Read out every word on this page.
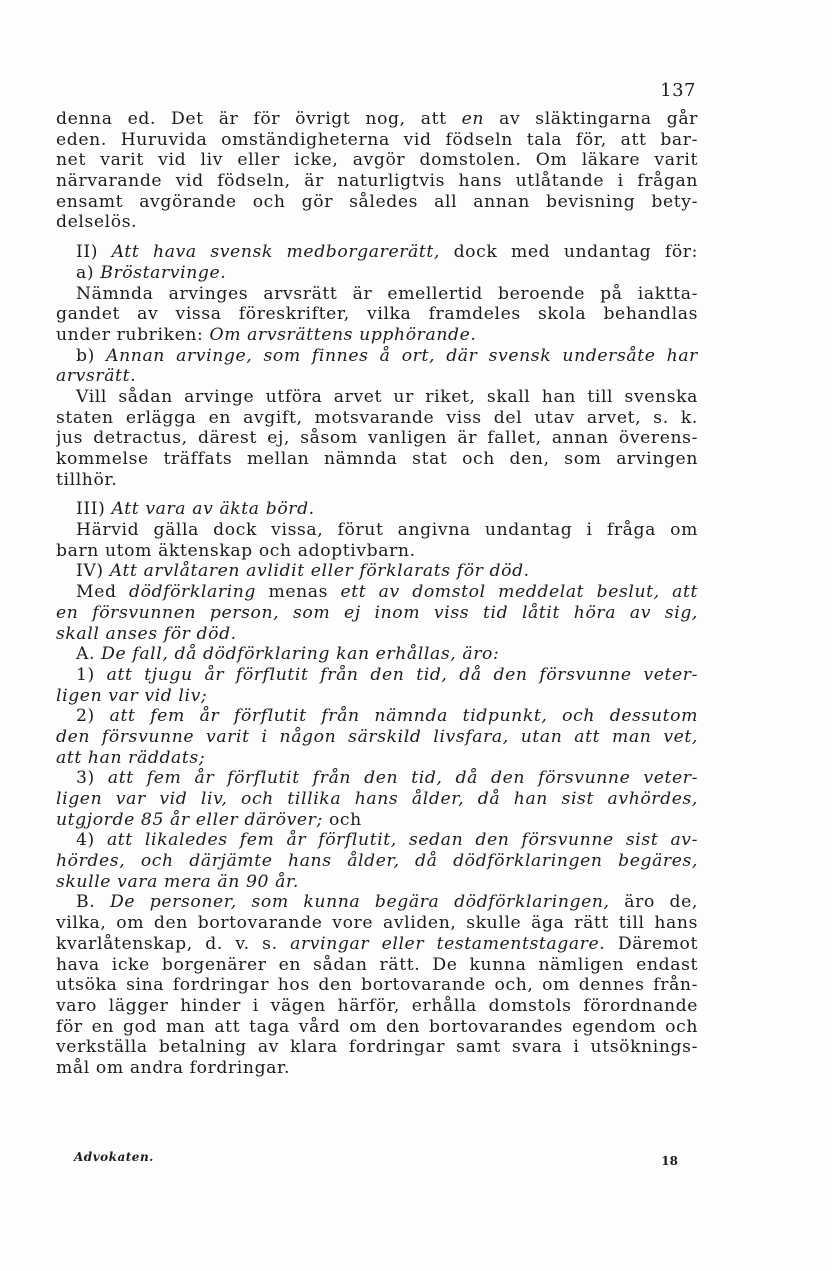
137
denna ed. Det är för övrigt nog, att en av släktingarna går
eden. Huruvida omständigheterna vid födseln tala för, att bar-
net varit vid liv eller icke, avgör domstolen. Om läkare varit
närvarande vid födseln, är naturligtvis hans utlåtande i frågan
ensamt avgörande och gör således all annan bevisning bety-
delselös.
II) Att hava svensk medborgarerätt, dock med undantag för:
a) Bröstarvinge.
Nämnda arvinges arvsrätt är emellertid beroende på iaktta-
gandet av vissa föreskrifter, vilka framdeles skola behandlas
under rubriken: Om arvsrättens upphörande.
b) Annan arvinge, som finnes å ort, där svensk undersåte har
arvsrätt.
Vill sådan arvinge utföra arvet ur riket, skall han till svenska
staten erlägga en avgift, motsvarande viss del utav arvet, s. k.
jus detractus, därest ej, såsom vanligen är fallet, annan överens-
kommelse träffats mellan nämnda stat och den, som arvingen
tillhör.
III) Att vara av äkta börd.
Härvid gälla dock vissa, förut angivna undantag i fråga om
barn utom äktenskap och adoptivbarn.
IV) Att arvlåtaren avlidit eller förklarats för död.
Med dödförklaring menas ett av domstol meddelat beslut, att
en försvunnen person, som ej inom viss tid låtit höra av sig,
skall anses för död.
A. De fall, då dödförklaring kan erhållas, äro:
1) att tjugu år förflutit från den tid, då den försvunne veter-
ligen var vid liv;
2) att fem år förflutit från nämnda tidpunkt, och dessutom
den försvunne varit i någon särskild livsfara, utan att man vet,
att han räddats;
3) att fem år förflutit från den tid, då den försvunne veter-
ligen var vid liv, och tillika hans ålder, då han sist avhördes,
utgjorde 85 år eller däröver; och
4) att likaledes fem år förflutit, sedan den försvunne sist av-
hördes, och därjämte hans ålder, då dödförklaringen begäres,
skulle vara mera än 90 år.
B. De personer, som kunna begära dödförklaringen, äro de,
vilka, om den bortovarande vore avliden, skulle äga rätt till hans
kvarlåtenskap, d. v. s. arvingar eller testamentstagare. Däremot
hava icke borgenärer en sådan rätt. De kunna nämligen endast
utsöka sina fordringar hos den bortovarande och, om dennes från-
varo lägger hinder i vägen härför, erhålla domstols förordnande
för en god man att taga vård om den bortovarandes egendom och
verkställa betalning av klara fordringar samt svara i utsöknings-
mål om andra fordringar.
Advokaten.	18
